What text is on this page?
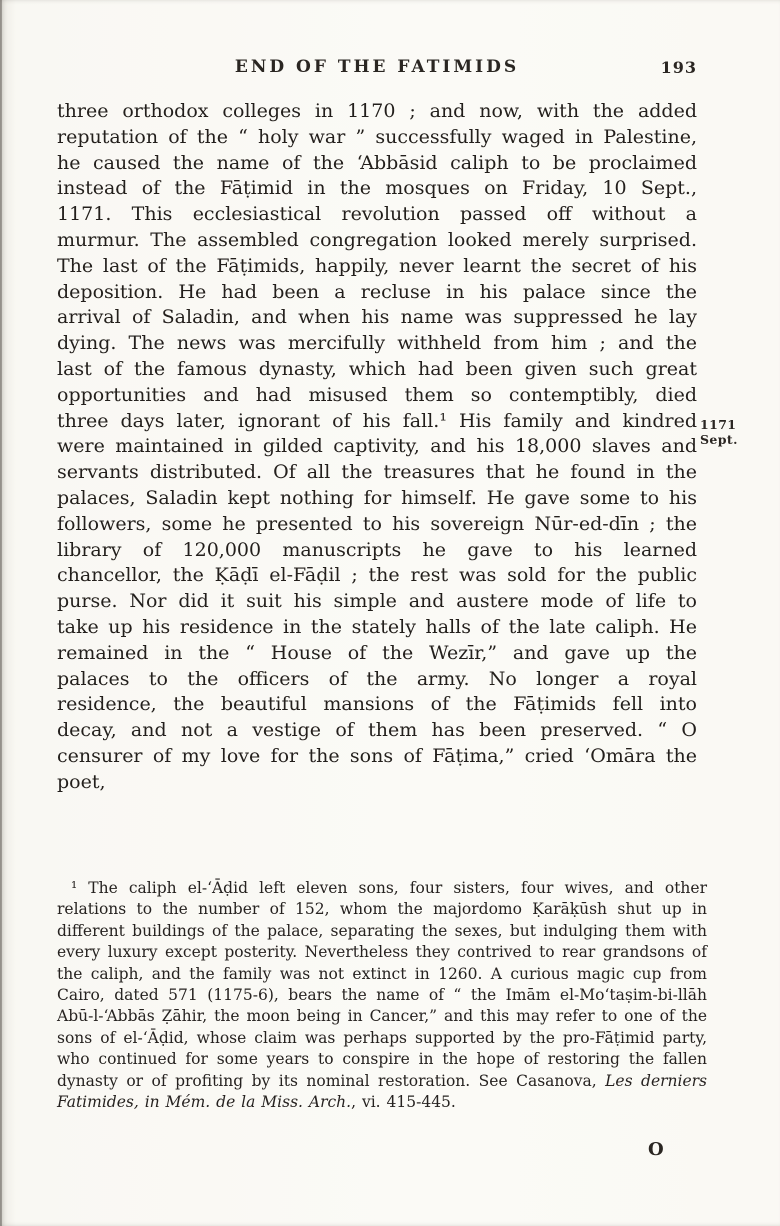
END OF THE FATIMIDS	193

three orthodox colleges in 1170 ; and now, with the added reputation of the “ holy war ” successfully waged in Palestine, he caused the name of the ‘Abbāsid caliph to be proclaimed instead of the Fāṭimid in the mosques on Friday, 10 Sept., 1171. This ecclesiastical revolution passed off without a murmur. The assembled congregation looked merely surprised. The last of the Fāṭimids, happily, never learnt the secret of his deposition. He had been a recluse in his palace since the arrival of Saladin, and when his name was suppressed he lay dying. The news was mercifully withheld from him ; and the last of the famous dynasty, which had been given such great opportunities and had misused them so contemptibly, died three days later, ignorant of his fall.¹ His family and kindred were maintained in gilded captivity, and his 18,000 slaves and servants distributed. Of all the treasures that he found in the palaces, Saladin kept nothing for himself. He gave some to his followers, some he presented to his sovereign Nūr-ed-dīn ; the library of 120,000 manuscripts he gave to his learned chancellor, the Ḳāḍī el-Fāḍil ; the rest was sold for the public purse. Nor did it suit his simple and austere mode of life to take up his residence in the stately halls of the late caliph. He remained in the “ House of the Wezīr,” and gave up the palaces to the officers of the army. No longer a royal residence, the beautiful mansions of the Fāṭimids fell into decay, and not a vestige of them has been preserved. “ O censurer of my love for the sons of Fāṭima,” cried ‘Omāra the poet,

1171
Sept.

¹ The caliph el-‘Āḍid left eleven sons, four sisters, four wives, and other relations to the number of 152, whom the majordomo Ḳarāḳūsh shut up in different buildings of the palace, separating the sexes, but indulging them with every luxury except posterity. Nevertheless they contrived to rear grandsons of the caliph, and the family was not extinct in 1260. A curious magic cup from Cairo, dated 571 (1175-6), bears the name of “ the Imām el-Mo‘taṣim-bi-llāh Abū-l-‘Abbās Ẓāhir, the moon being in Cancer,” and this may refer to one of the sons of el-‘Āḍid, whose claim was perhaps supported by the pro-Fāṭimid party, who continued for some years to conspire in the hope of restoring the fallen dynasty or of profiting by its nominal restoration. See Casanova, Les derniers Fatimides, in Mém. de la Miss. Arch., vi. 415-445.

O
